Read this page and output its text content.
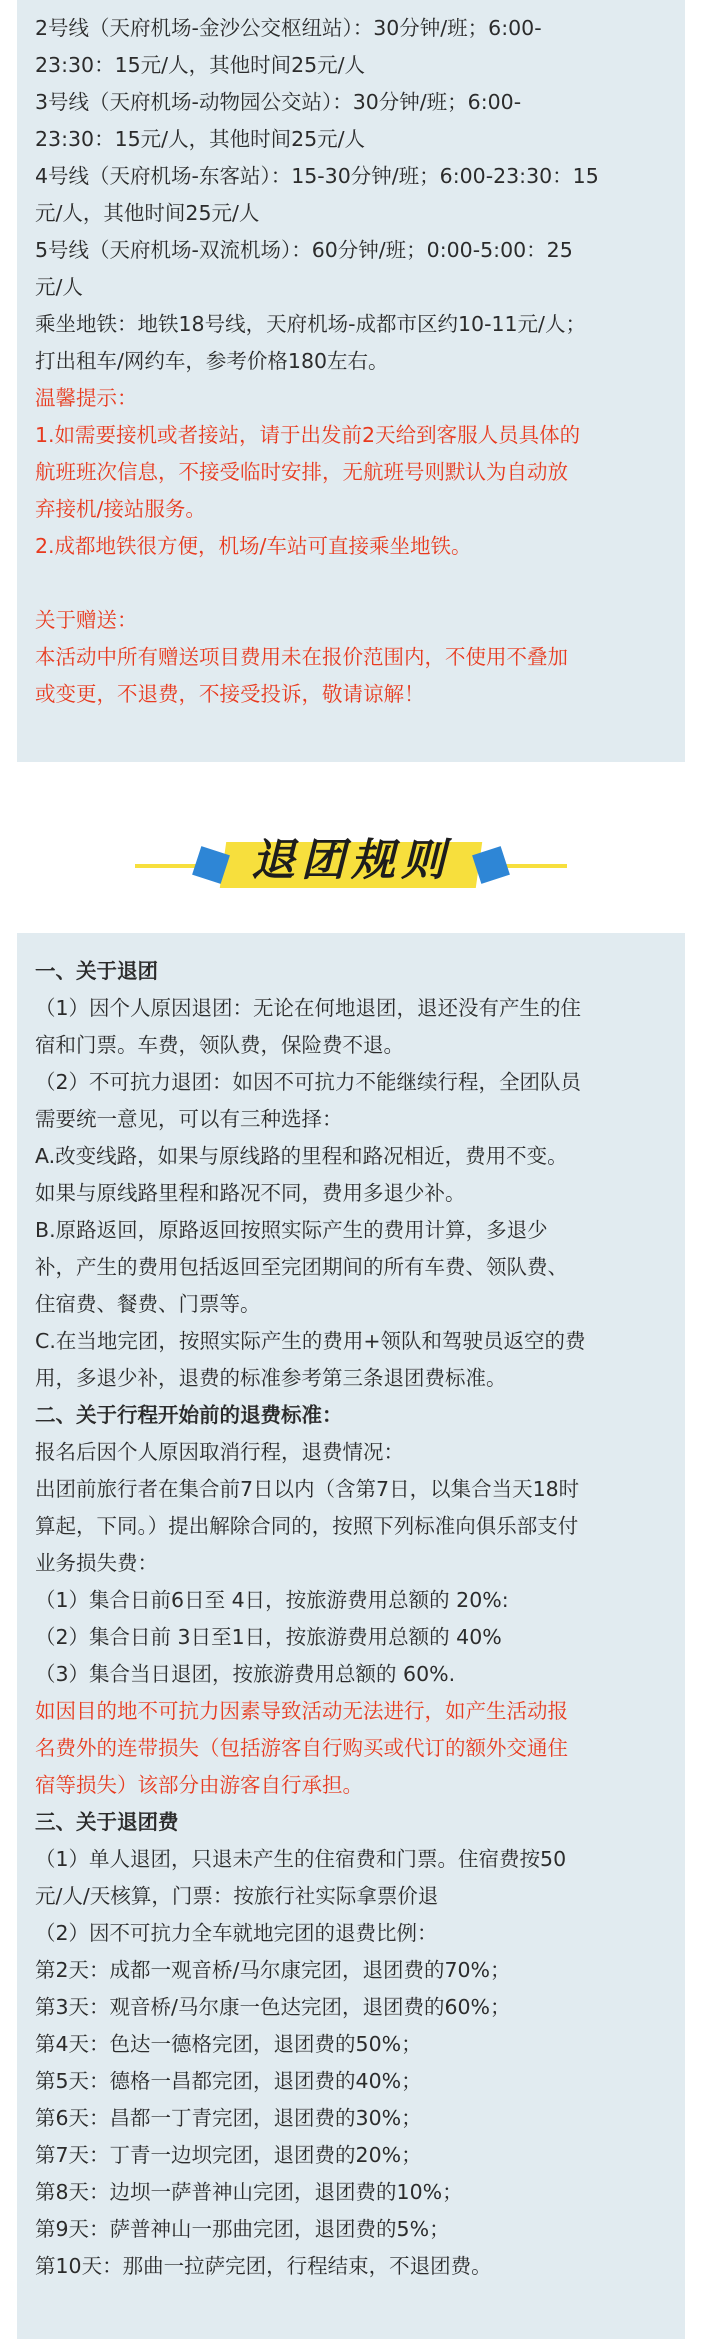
2号线（天府机场-金沙公交枢纽站）：30分钟/班；6:00-
23:30：15元/人，其他时间25元/人
3号线（天府机场-动物园公交站）：30分钟/班；6:00-
23:30：15元/人，其他时间25元/人
4号线（天府机场-东客站）：15-30分钟/班；6:00-23:30：15
元/人，其他时间25元/人
5号线（天府机场-双流机场）：60分钟/班；0:00-5:00：25
元/人
乘坐地铁：地铁18号线，天府机场-成都市区约10-11元/人；
打出租车/网约车，参考价格180左右。
温馨提示：
1.如需要接机或者接站，请于出发前2天给到客服人员具体的
航班班次信息，不接受临时安排，无航班号则默认为自动放
弃接机/接站服务。
2.成都地铁很方便，机场/车站可直接乘坐地铁。
关于赠送：
本活动中所有赠送项目费用未在报价范围内，不使用不叠加
或变更，不退费，不接受投诉，敬请谅解！
退团规则
一、关于退团
（1）因个人原因退团：无论在何地退团，退还没有产生的住
宿和门票。车费，领队费，保险费不退。
（2）不可抗力退团：如因不可抗力不能继续行程，全团队员
需要统一意见，可以有三种选择：
A.改变线路，如果与原线路的里程和路况相近，费用不变。
如果与原线路里程和路况不同，费用多退少补。
B.原路返回，原路返回按照实际产生的费用计算，多退少
补，产生的费用包括返回至完团期间的所有车费、领队费、
住宿费、餐费、门票等。
C.在当地完团，按照实际产生的费用+领队和驾驶员返空的费
用，多退少补，退费的标准参考第三条退团费标准。
二、关于行程开始前的退费标准：
报名后因个人原因取消行程，退费情况：
出团前旅行者在集合前7日以内（含第7日，以集合当天18时
算起，下同。）提出解除合同的，按照下列标准向俱乐部支付
业务损失费：
（1）集合日前6日至 4日，按旅游费用总额的 20%:
（2）集合日前 3日至1日，按旅游费用总额的 40%
（3）集合当日退团，按旅游费用总额的 60%.
如因目的地不可抗力因素导致活动无法进行，如产生活动报
名费外的连带损失（包括游客自行购买或代订的额外交通住
宿等损失）该部分由游客自行承担。
三、关于退团费
（1）单人退团，只退未产生的住宿费和门票。住宿费按50
元/人/天核算，门票：按旅行社实际拿票价退
（2）因不可抗力全车就地完团的退费比例：
第2天：成都一观音桥/马尔康完团，退团费的70%；
第3天：观音桥/马尔康一色达完团，退团费的60%；
第4天：色达一德格完团，退团费的50%；
第5天：德格一昌都完团，退团费的40%；
第6天：昌都一丁青完团，退团费的30%；
第7天：丁青一边坝完团，退团费的20%；
第8天：边坝一萨普神山完团，退团费的10%；
第9天：萨普神山一那曲完团，退团费的5%；
第10天：那曲一拉萨完团，行程结束，不退团费。
